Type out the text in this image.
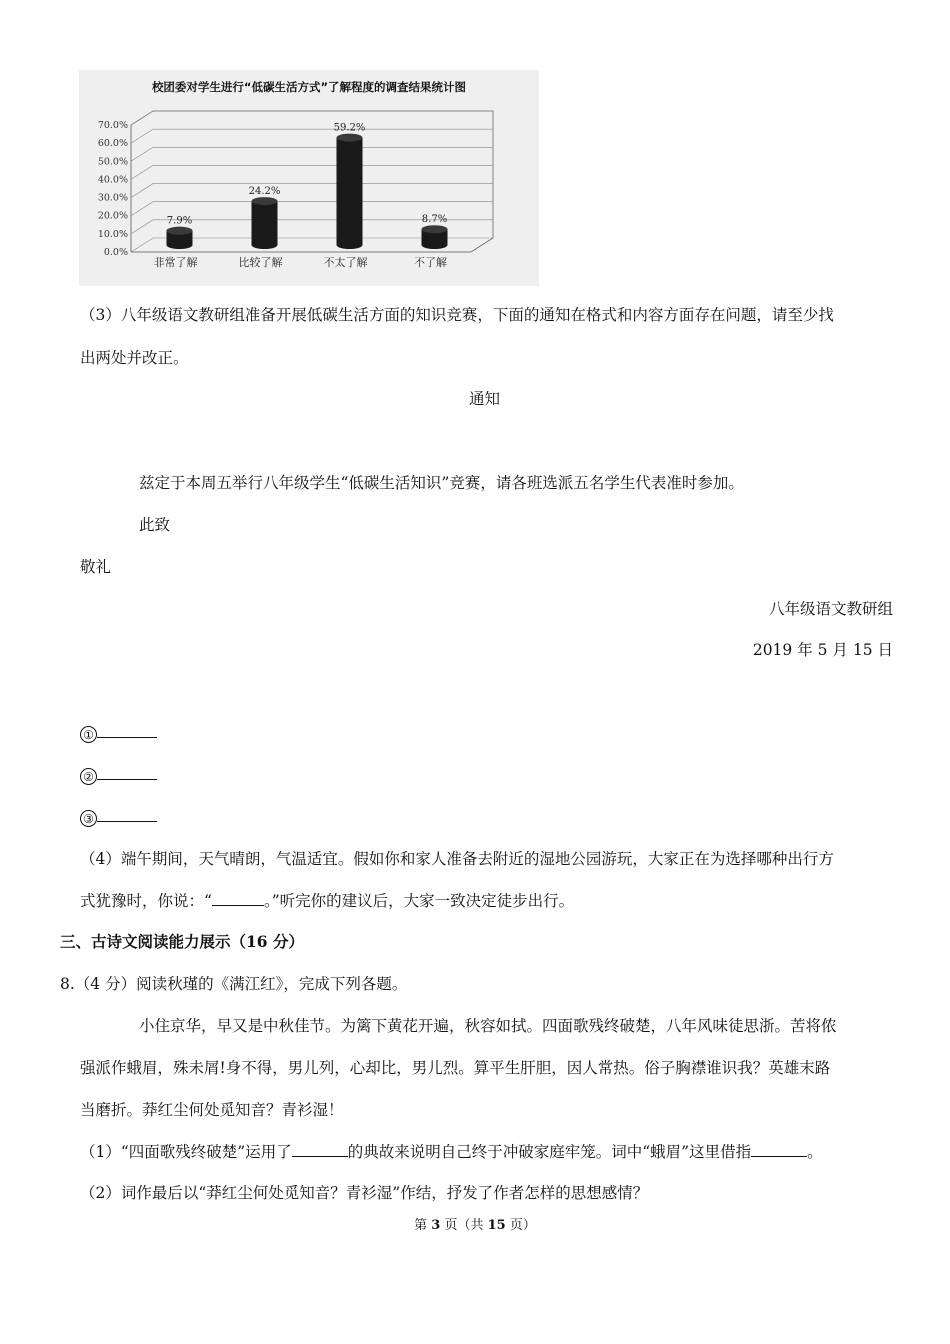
校团委对学生进行“低碳生活方式”了解程度的调查结果统计图
0.0%
10.0%
20.0%
30.0%
40.0%
50.0%
60.0%
70.0%
7.9%
24.2%
59.2%
8.7%
非常了解	比较了解	不太了解	不了解
（3）八年级语文教研组准备开展低碳生活方面的知识竞赛，下面的通知在格式和内容方面存在问题，请至少找
出两处并改正。
通知
兹定于本周五举行八年级学生“低碳生活知识”竞赛，请各班选派五名学生代表准时参加。
此致
敬礼
八年级语文教研组
2019 年 5 月 15 日
①
②
③
（4）端午期间，天气晴朗，气温适宜。假如你和家人准备去附近的湿地公园游玩，大家正在为选择哪种出行方
式犹豫时，你说：“	。”听完你的建议后，大家一致决定徒步出行。
三、古诗文阅读能力展示（16 分）
8.（4 分）阅读秋瑾的《满江红》，完成下列各题。
小住京华，早又是中秋佳节。为篱下黄花开遍，秋容如拭。四面歌残终破楚，八年风味徒思浙。苦将侬
强派作蛾眉，殊未屑!身不得，男儿列，心却比，男儿烈。算平生肝胆，因人常热。俗子胸襟谁识我？英雄末路
当磨折。莽红尘何处觅知音？青衫湿！
（1）“四面歌残终破楚”运用了	的典故来说明自己终于冲破家庭牢笼。词中“蛾眉”这里借指	。
（2）词作最后以“莽红尘何处觅知音？青衫湿”作结，抒发了作者怎样的思想感情？
第 3 页（共 15 页）
